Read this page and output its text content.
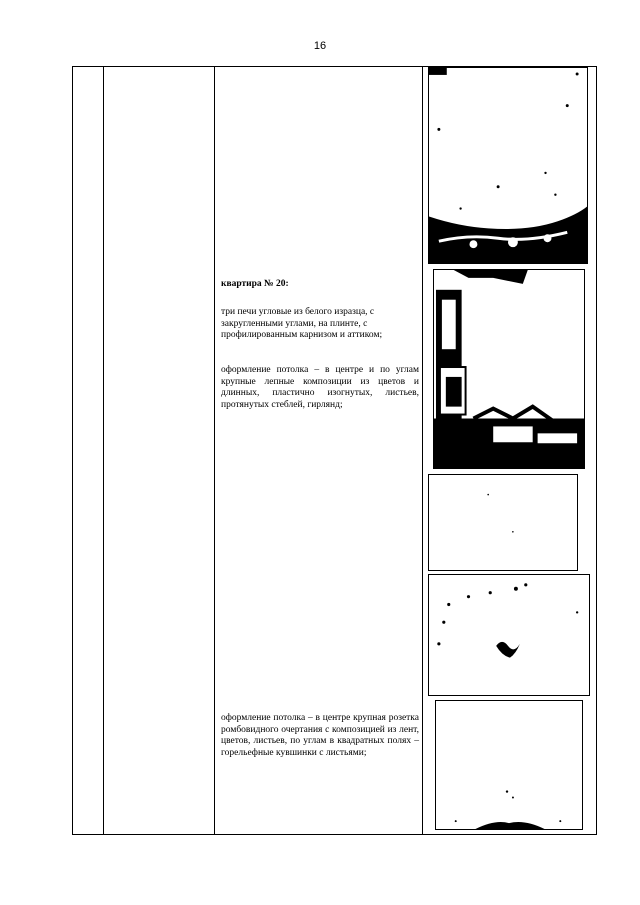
16
квартира № 20:
три печи угловые из белого изразца, с закругленными углами, на плинте, с профилированным карнизом и аттиком;
оформление потолка – в центре и по углам крупные лепные композиции из цветов и длинных, пластично изогнутых, листьев, протянутых стеблей, гирлянд;
оформление потолка – в центре крупная розетка ромбовидного очертания с композицией из лент, цветов, листьев, по углам в квадратных полях – горельефные кувшинки с листьями;
